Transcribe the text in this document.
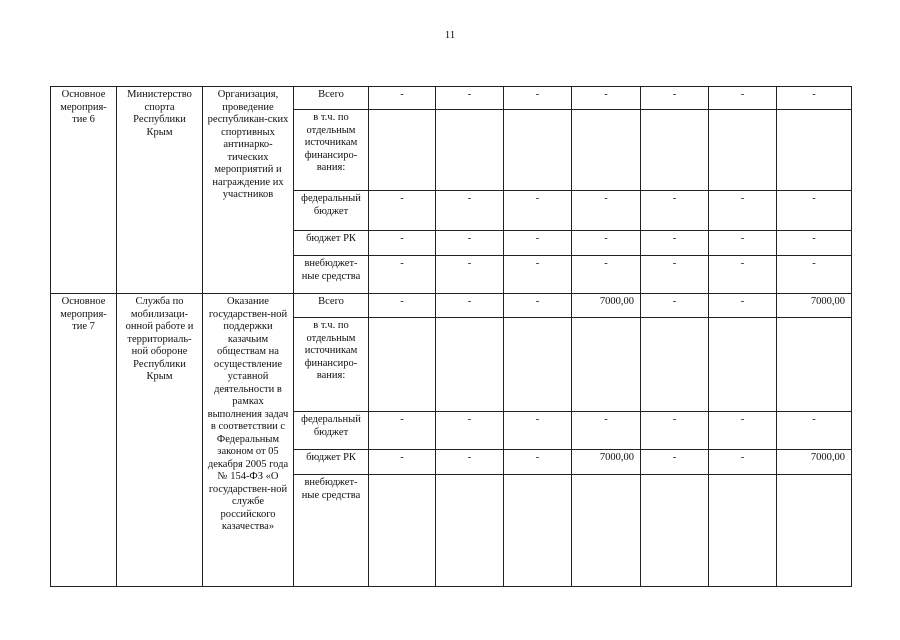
11
Основное мероприя-тие 6	Министерство спорта Республики Крым	Организация, проведение республикан-ских спортивных антинарко-тических мероприятий и награждение их участников	Всего	-	-	-	-	-	-	-
			в т.ч. по отдельным источникам финансиро-вания:							
			федеральный бюджет	-	-	-	-	-	-	-
			бюджет РК	-	-	-	-	-	-	-
			внебюджет-ные средства	-	-	-	-	-	-	-
Основное мероприя-тие 7	Служба по мобилизаци-онной работе и территориаль-ной обороне Республики Крым	Оказание государствен-ной поддержки казачьим обществам на осуществление уставной деятельности в рамках выполнения задач в соответствии с Федеральным законом от 05 декабря 2005 года № 154-ФЗ «О государствен-ной службе российского казачества»	Всего	-	-	-	7000,00	-	-	7000,00
			в т.ч. по отдельным источникам финансиро-вания:							
			федеральный бюджет	-	-	-	-	-	-	-
			бюджет РК	-	-	-	7000,00	-	-	7000,00
			внебюджет-ные средства							
